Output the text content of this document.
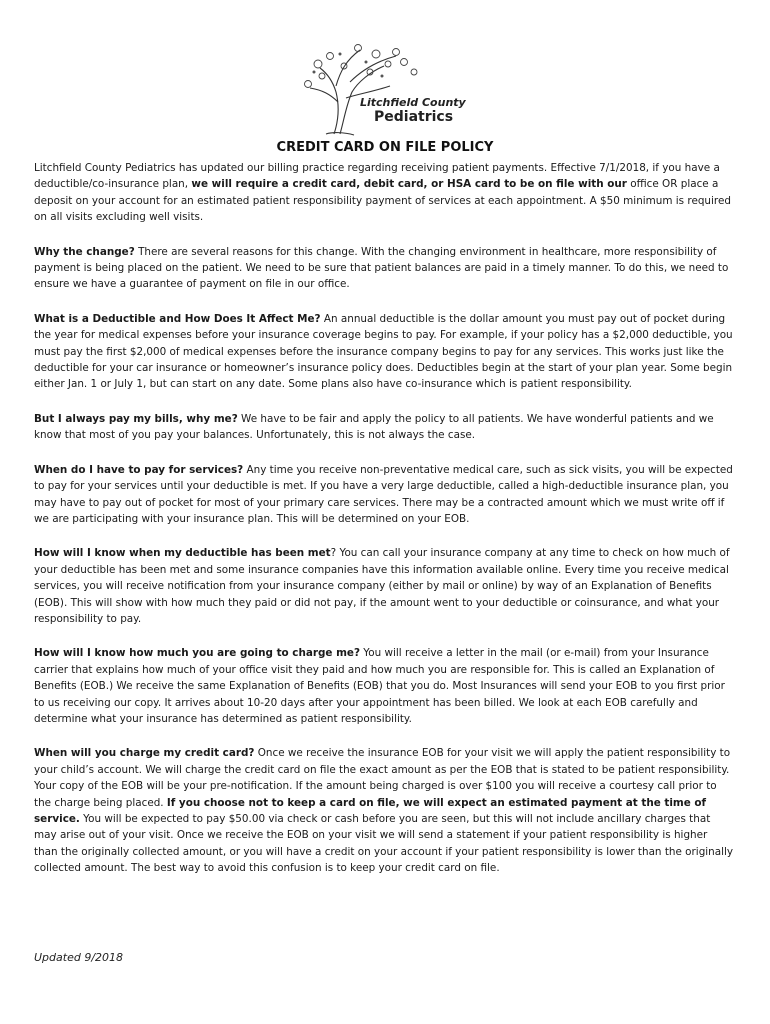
Litchfield County
Pediatrics
CREDIT CARD ON FILE POLICY

Litchfield County Pediatrics has updated our billing practice regarding receiving patient payments. Effective 7/1/2018, if you have a deductible/co-insurance plan, we will require a credit card, debit card, or HSA card to be on file with our office OR place a deposit on your account for an estimated patient responsibility payment of services at each appointment. A $50 minimum is required on all visits excluding well visits.

Why the change? There are several reasons for this change. With the changing environment in healthcare, more responsibility of payment is being placed on the patient. We need to be sure that patient balances are paid in a timely manner. To do this, we need to ensure we have a guarantee of payment on file in our office.

What is a Deductible and How Does It Affect Me? An annual deductible is the dollar amount you must pay out of pocket during the year for medical expenses before your insurance coverage begins to pay. For example, if your policy has a $2,000 deductible, you must pay the first $2,000 of medical expenses before the insurance company begins to pay for any services. This works just like the deductible for your car insurance or homeowner’s insurance policy does. Deductibles begin at the start of your plan year. Some begin either Jan. 1 or July 1, but can start on any date. Some plans also have co-insurance which is patient responsibility.

But I always pay my bills, why me? We have to be fair and apply the policy to all patients. We have wonderful patients and we know that most of you pay your balances. Unfortunately, this is not always the case.

When do I have to pay for services? Any time you receive non-preventative medical care, such as sick visits, you will be expected to pay for your services until your deductible is met. If you have a very large deductible, called a high-deductible insurance plan, you may have to pay out of pocket for most of your primary care services. There may be a contracted amount which we must write off if we are participating with your insurance plan. This will be determined on your EOB.

How will I know when my deductible has been met? You can call your insurance company at any time to check on how much of your deductible has been met and some insurance companies have this information available online. Every time you receive medical services, you will receive notification from your insurance company (either by mail or online) by way of an Explanation of Benefits (EOB). This will show with how much they paid or did not pay, if the amount went to your deductible or coinsurance, and what your responsibility to pay.

How will I know how much you are going to charge me? You will receive a letter in the mail (or e-mail) from your Insurance carrier that explains how much of your office visit they paid and how much you are responsible for. This is called an Explanation of Benefits (EOB.) We receive the same Explanation of Benefits (EOB) that you do. Most Insurances will send your EOB to you first prior to us receiving our copy. It arrives about 10-20 days after your appointment has been billed. We look at each EOB carefully and determine what your insurance has determined as patient responsibility.

When will you charge my credit card? Once we receive the insurance EOB for your visit we will apply the patient responsibility to your child’s account. We will charge the credit card on file the exact amount as per the EOB that is stated to be patient responsibility. Your copy of the EOB will be your pre-notification. If the amount being charged is over $100 you will receive a courtesy call prior to the charge being placed. If you choose not to keep a card on file, we will expect an estimated payment at the time of service. You will be expected to pay $50.00 via check or cash before you are seen, but this will not include ancillary charges that may arise out of your visit. Once we receive the EOB on your visit we will send a statement if your patient responsibility is higher than the originally collected amount, or you will have a credit on your account if your patient responsibility is lower than the originally collected amount. The best way to avoid this confusion is to keep your credit card on file.

Updated 9/2018
